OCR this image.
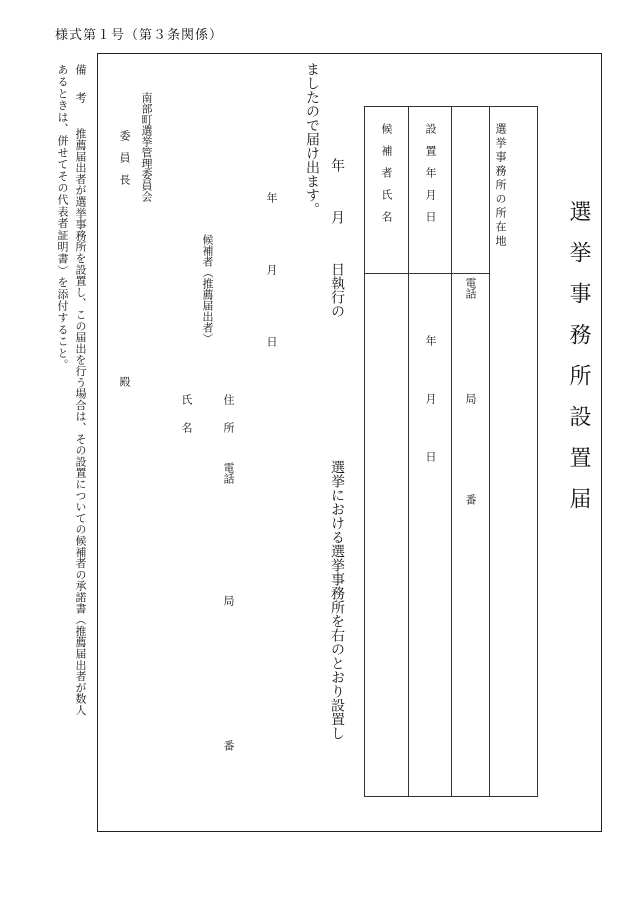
様式第１号（第３条関係）
選挙事務所設置届
選挙事務所の所在地
設置年月日
候補者氏名
電話
局
番
年
月
日
年
月
日執行の
選挙における選挙事務所を右のとおり設置し
ましたので届け出ます。
年
月
日
住　所
電話
局
番
候補者（推薦届出者）
氏　名
南部町選挙管理委員会
委　員　長
殿
備　考
推薦届出者が選挙事務所を設置し、この届出を行う場合は、その設置についての候補者の承諾書（推薦届出者が数人
あるときは、併せてその代表者証明書）を添付すること。
